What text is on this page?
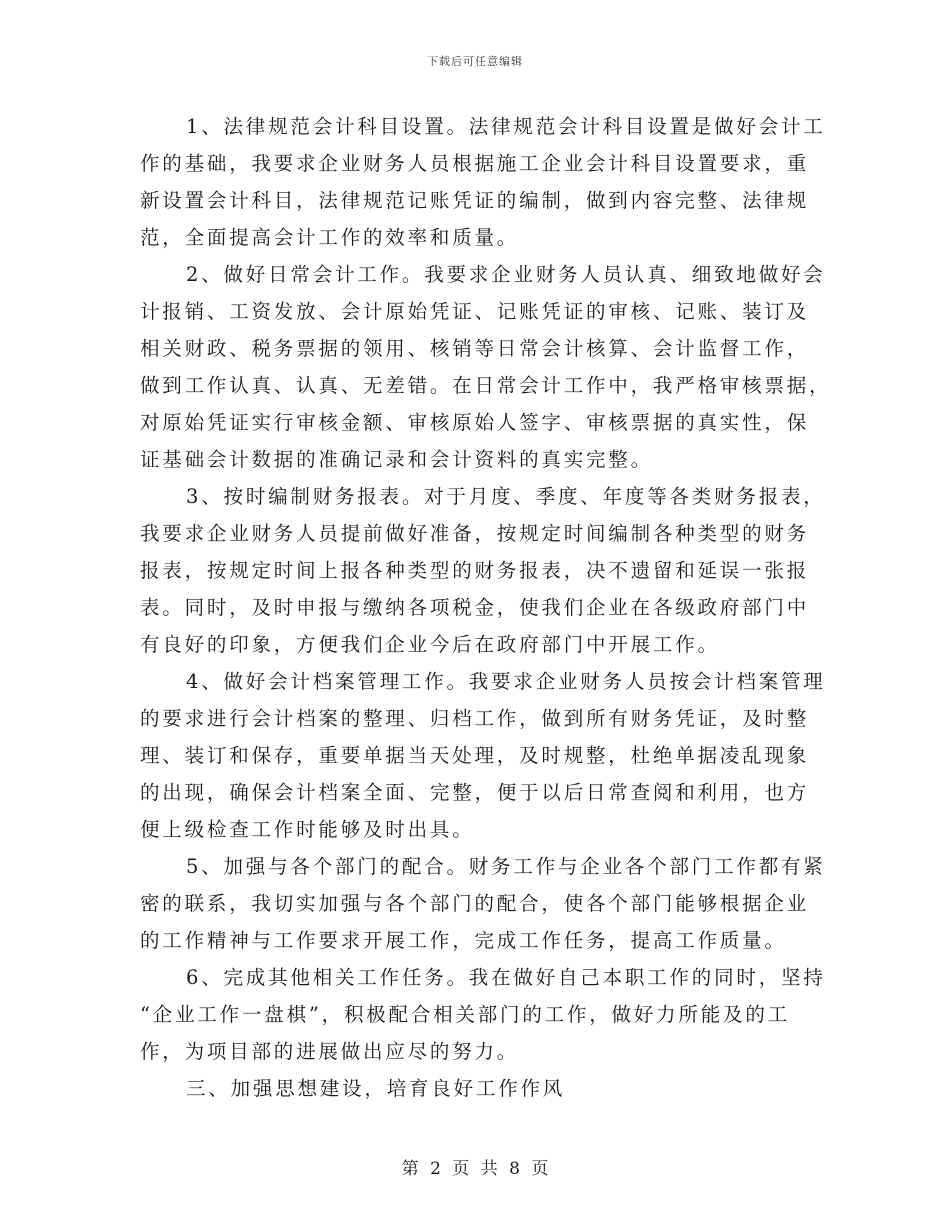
下载后可任意编辑
1、法律规范会计科目设置。法律规范会计科目设置是做好会计工
作的基础，我要求企业财务人员根据施工企业会计科目设置要求，重
新设置会计科目，法律规范记账凭证的编制，做到内容完整、法律规
范，全面提高会计工作的效率和质量。
2、做好日常会计工作。我要求企业财务人员认真、细致地做好会
计报销、工资发放、会计原始凭证、记账凭证的审核、记账、装订及
相关财政、税务票据的领用、核销等日常会计核算、会计监督工作，
做到工作认真、认真、无差错。在日常会计工作中，我严格审核票据，
对原始凭证实行审核金额、审核原始人签字、审核票据的真实性，保
证基础会计数据的准确记录和会计资料的真实完整。
3、按时编制财务报表。对于月度、季度、年度等各类财务报表，
我要求企业财务人员提前做好准备，按规定时间编制各种类型的财务
报表，按规定时间上报各种类型的财务报表，决不遗留和延误一张报
表。同时，及时申报与缴纳各项税金，使我们企业在各级政府部门中
有良好的印象，方便我们企业今后在政府部门中开展工作。
4、做好会计档案管理工作。我要求企业财务人员按会计档案管理
的要求进行会计档案的整理、归档工作，做到所有财务凭证，及时整
理、装订和保存，重要单据当天处理，及时规整，杜绝单据凌乱现象
的出现，确保会计档案全面、完整，便于以后日常查阅和利用，也方
便上级检查工作时能够及时出具。
5、加强与各个部门的配合。财务工作与企业各个部门工作都有紧
密的联系，我切实加强与各个部门的配合，使各个部门能够根据企业
的工作精神与工作要求开展工作，完成工作任务，提高工作质量。
6、完成其他相关工作任务。我在做好自己本职工作的同时，坚持
“企业工作一盘棋”，积极配合相关部门的工作，做好力所能及的工
作，为项目部的进展做出应尽的努力。
三、加强思想建设，培育良好工作作风
第 2 页 共 8 页
